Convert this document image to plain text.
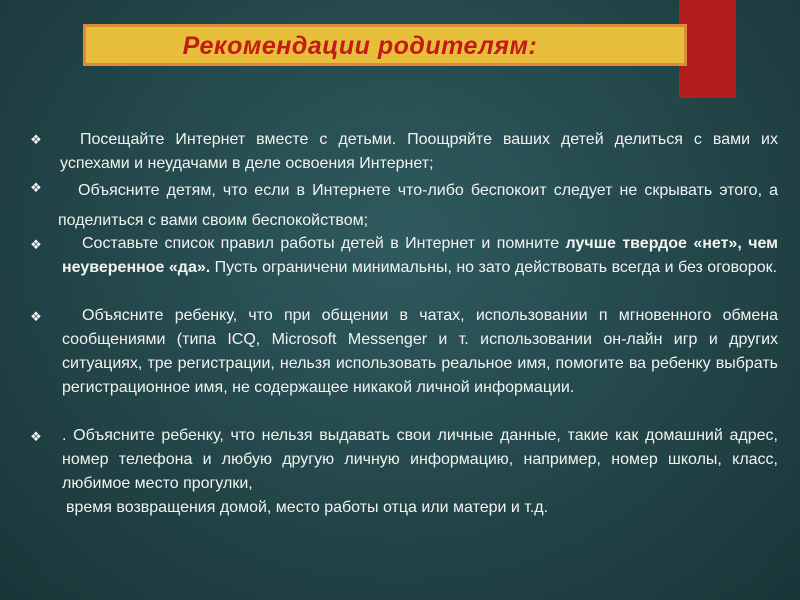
Рекомендации родителям:
❖	Посещайте Интернет вместе с детьми. Поощряйте ваших детей делиться с вами их успехами и неудачами в деле освоения Интернет;
❖	Объясните детям, что если в Интернете что-либо беспокоит следует не скрывать этого, а поделиться с вами своим беспокойством;
❖	Составьте список правил работы детей в Интернет и помните лучше твердое «нет», чем неуверенное «да». Пусть ограничени минимальны, но зато действовать всегда и без оговорок.
❖	Объясните ребенку, что при общении в чатах, использовании п мгновенного обмена сообщениями (типа ICQ, Microsoft Messenger и т. использовании он-лайн игр и других ситуациях, тре регистрации, нельзя использовать реальное имя, помогите ва ребенку выбрать регистрационное имя, не содержащее никакой личной информации.
❖ . Объясните ребенку, что нельзя выдавать свои личные данные, такие как домашний адрес, номер телефона и любую другую личную информацию, например, номер школы, класс, любимое место прогулки,
время возвращения домой, место работы отца или матери и т.д.
